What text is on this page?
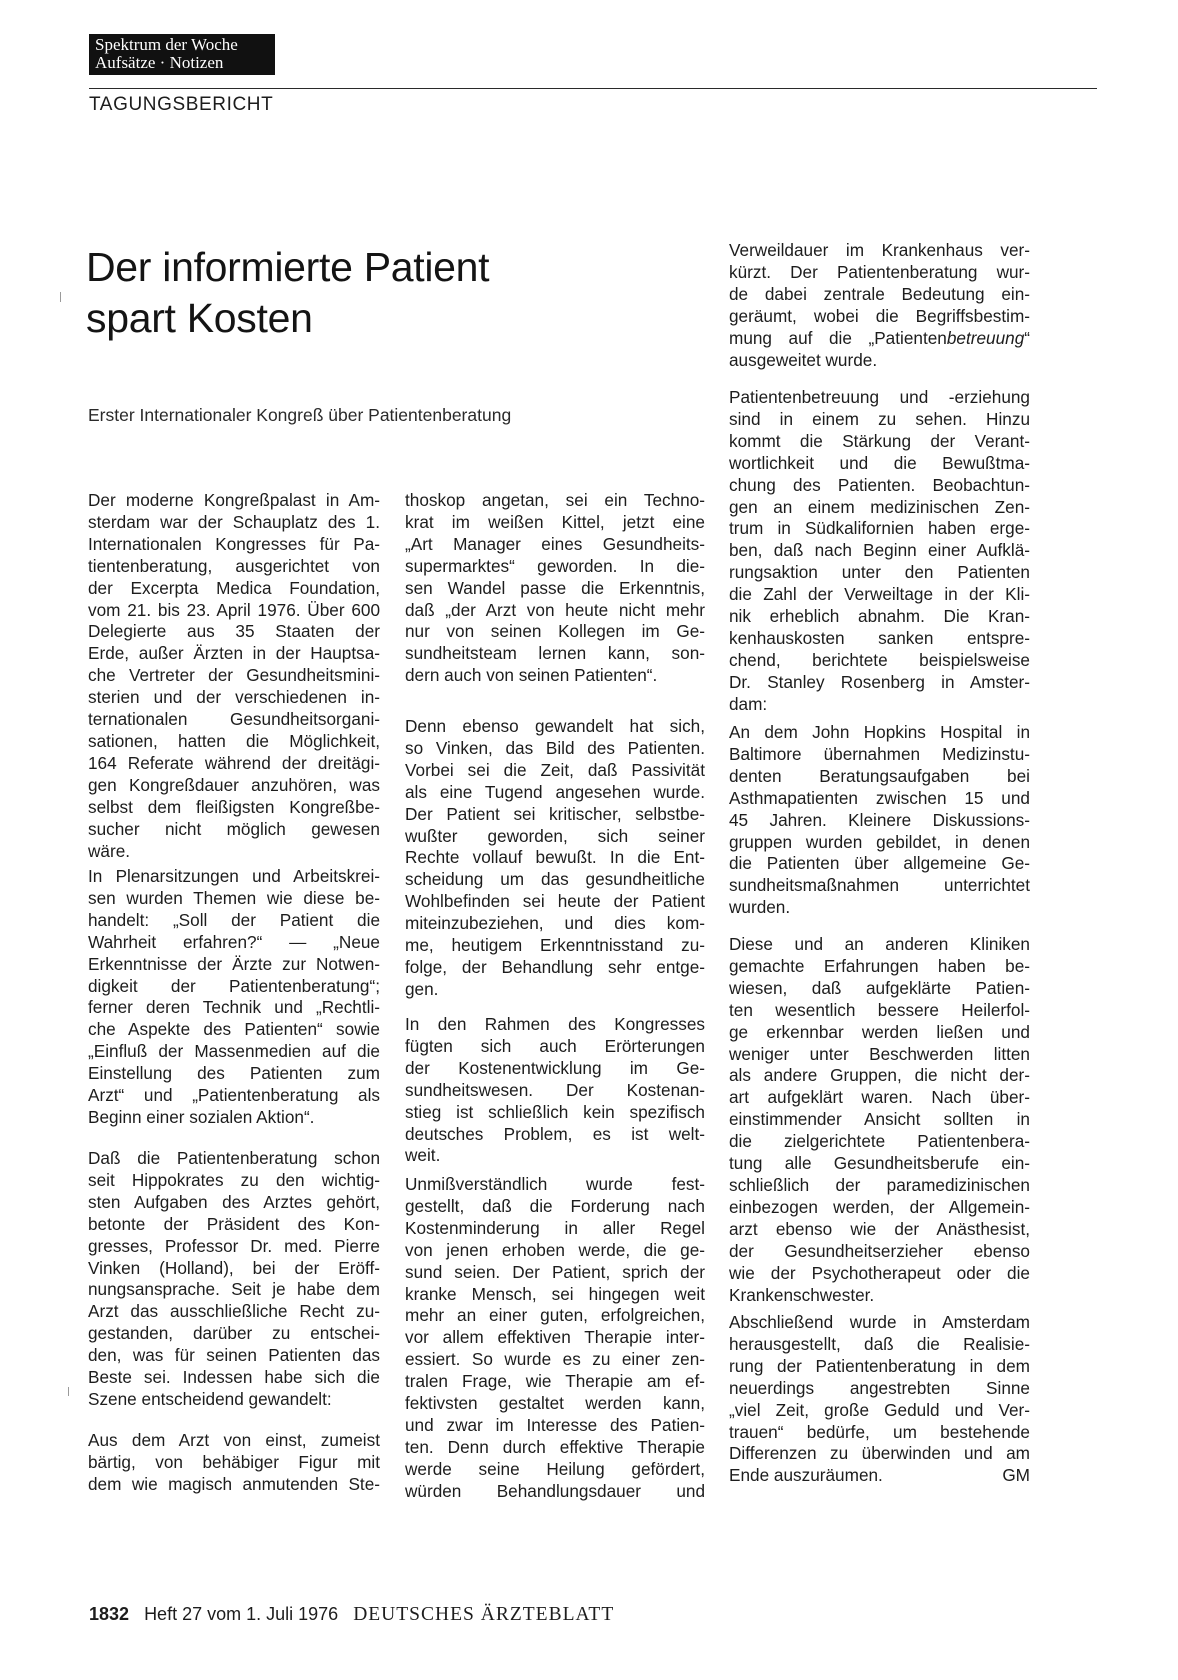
Spektrum der Woche
Aufsätze · Notizen
TAGUNGSBERICHT
Der informierte Patient
spart Kosten
Erster Internationaler Kongreß über Patientenberatung
Der moderne Kongreßpalast in Am-
sterdam war der Schauplatz des 1.
Internationalen Kongresses für Pa-
tientenberatung, ausgerichtet von
der Excerpta Medica Foundation,
vom 21. bis 23. April 1976. Über 600
Delegierte aus 35 Staaten der
Erde, außer Ärzten in der Hauptsa-
che Vertreter der Gesundheitsmini-
sterien und der verschiedenen in-
ternationalen Gesundheitsorgani-
sationen, hatten die Möglichkeit,
164 Referate während der dreitägi-
gen Kongreßdauer anzuhören, was
selbst dem fleißigsten Kongreßbe-
sucher nicht möglich gewesen
wäre.
In Plenarsitzungen und Arbeitskrei-
sen wurden Themen wie diese be-
handelt: „Soll der Patient die
Wahrheit erfahren?“ — „Neue
Erkenntnisse der Ärzte zur Notwen-
digkeit der Patientenberatung“;
ferner deren Technik und „Rechtli-
che Aspekte des Patienten“ sowie
„Einfluß der Massenmedien auf die
Einstellung des Patienten zum
Arzt“ und „Patientenberatung als
Beginn einer sozialen Aktion“.
Daß die Patientenberatung schon
seit Hippokrates zu den wichtig-
sten Aufgaben des Arztes gehört,
betonte der Präsident des Kon-
gresses, Professor Dr. med. Pierre
Vinken (Holland), bei der Eröff-
nungsansprache. Seit je habe dem
Arzt das ausschließliche Recht zu-
gestanden, darüber zu entschei-
den, was für seinen Patienten das
Beste sei. Indessen habe sich die
Szene entscheidend gewandelt:
Aus dem Arzt von einst, zumeist
bärtig, von behäbiger Figur mit
dem wie magisch anmutenden Ste-
thoskop angetan, sei ein Techno-
krat im weißen Kittel, jetzt eine
„Art Manager eines Gesundheits-
supermarktes“ geworden. In die-
sen Wandel passe die Erkenntnis,
daß „der Arzt von heute nicht mehr
nur von seinen Kollegen im Ge-
sundheitsteam lernen kann, son-
dern auch von seinen Patienten“.
Denn ebenso gewandelt hat sich,
so Vinken, das Bild des Patienten.
Vorbei sei die Zeit, daß Passivität
als eine Tugend angesehen wurde.
Der Patient sei kritischer, selbstbe-
wußter geworden, sich seiner
Rechte vollauf bewußt. In die Ent-
scheidung um das gesundheitliche
Wohlbefinden sei heute der Patient
miteinzubeziehen, und dies kom-
me, heutigem Erkenntnisstand zu-
folge, der Behandlung sehr entge-
gen.
In den Rahmen des Kongresses
fügten sich auch Erörterungen
der Kostenentwicklung im Ge-
sundheitswesen. Der Kostenan-
stieg ist schließlich kein spezifisch
deutsches Problem, es ist welt-
weit.
Unmißverständlich wurde fest-
gestellt, daß die Forderung nach
Kostenminderung in aller Regel
von jenen erhoben werde, die ge-
sund seien. Der Patient, sprich der
kranke Mensch, sei hingegen weit
mehr an einer guten, erfolgreichen,
vor allem effektiven Therapie inter-
essiert. So wurde es zu einer zen-
tralen Frage, wie Therapie am ef-
fektivsten gestaltet werden kann,
und zwar im Interesse des Patien-
ten. Denn durch effektive Therapie
werde seine Heilung gefördert,
würden Behandlungsdauer und
Verweildauer im Krankenhaus ver-
kürzt. Der Patientenberatung wur-
de dabei zentrale Bedeutung ein-
geräumt, wobei die Begriffsbestim-
mung auf die „Patientenbetreuung“
ausgeweitet wurde.
Patientenbetreuung und -erziehung
sind in einem zu sehen. Hinzu
kommt die Stärkung der Verant-
wortlichkeit und die Bewußtma-
chung des Patienten. Beobachtun-
gen an einem medizinischen Zen-
trum in Südkalifornien haben erge-
ben, daß nach Beginn einer Aufklä-
rungsaktion unter den Patienten
die Zahl der Verweiltage in der Kli-
nik erheblich abnahm. Die Kran-
kenhauskosten sanken entspre-
chend, berichtete beispielsweise
Dr. Stanley Rosenberg in Amster-
dam:
An dem John Hopkins Hospital in
Baltimore übernahmen Medizinstu-
denten Beratungsaufgaben bei
Asthmapatienten zwischen 15 und
45 Jahren. Kleinere Diskussions-
gruppen wurden gebildet, in denen
die Patienten über allgemeine Ge-
sundheitsmaßnahmen unterrichtet
wurden.
Diese und an anderen Kliniken
gemachte Erfahrungen haben be-
wiesen, daß aufgeklärte Patien-
ten wesentlich bessere Heilerfol-
ge erkennbar werden ließen und
weniger unter Beschwerden litten
als andere Gruppen, die nicht der-
art aufgeklärt waren. Nach über-
einstimmender Ansicht sollten in
die zielgerichtete Patientenbera-
tung alle Gesundheitsberufe ein-
schließlich der paramedizinischen
einbezogen werden, der Allgemein-
arzt ebenso wie der Anästhesist,
der Gesundheitserzieher ebenso
wie der Psychotherapeut oder die
Krankenschwester.
Abschließend wurde in Amsterdam
herausgestellt, daß die Realisie-
rung der Patientenberatung in dem
neuerdings angestrebten Sinne
„viel Zeit, große Geduld und Ver-
trauen“ bedürfe, um bestehende
Differenzen zu überwinden und am
Ende auszuräumen.	GM
1832 Heft 27 vom 1. Juli 1976 DEUTSCHES ÄRZTEBLATT
